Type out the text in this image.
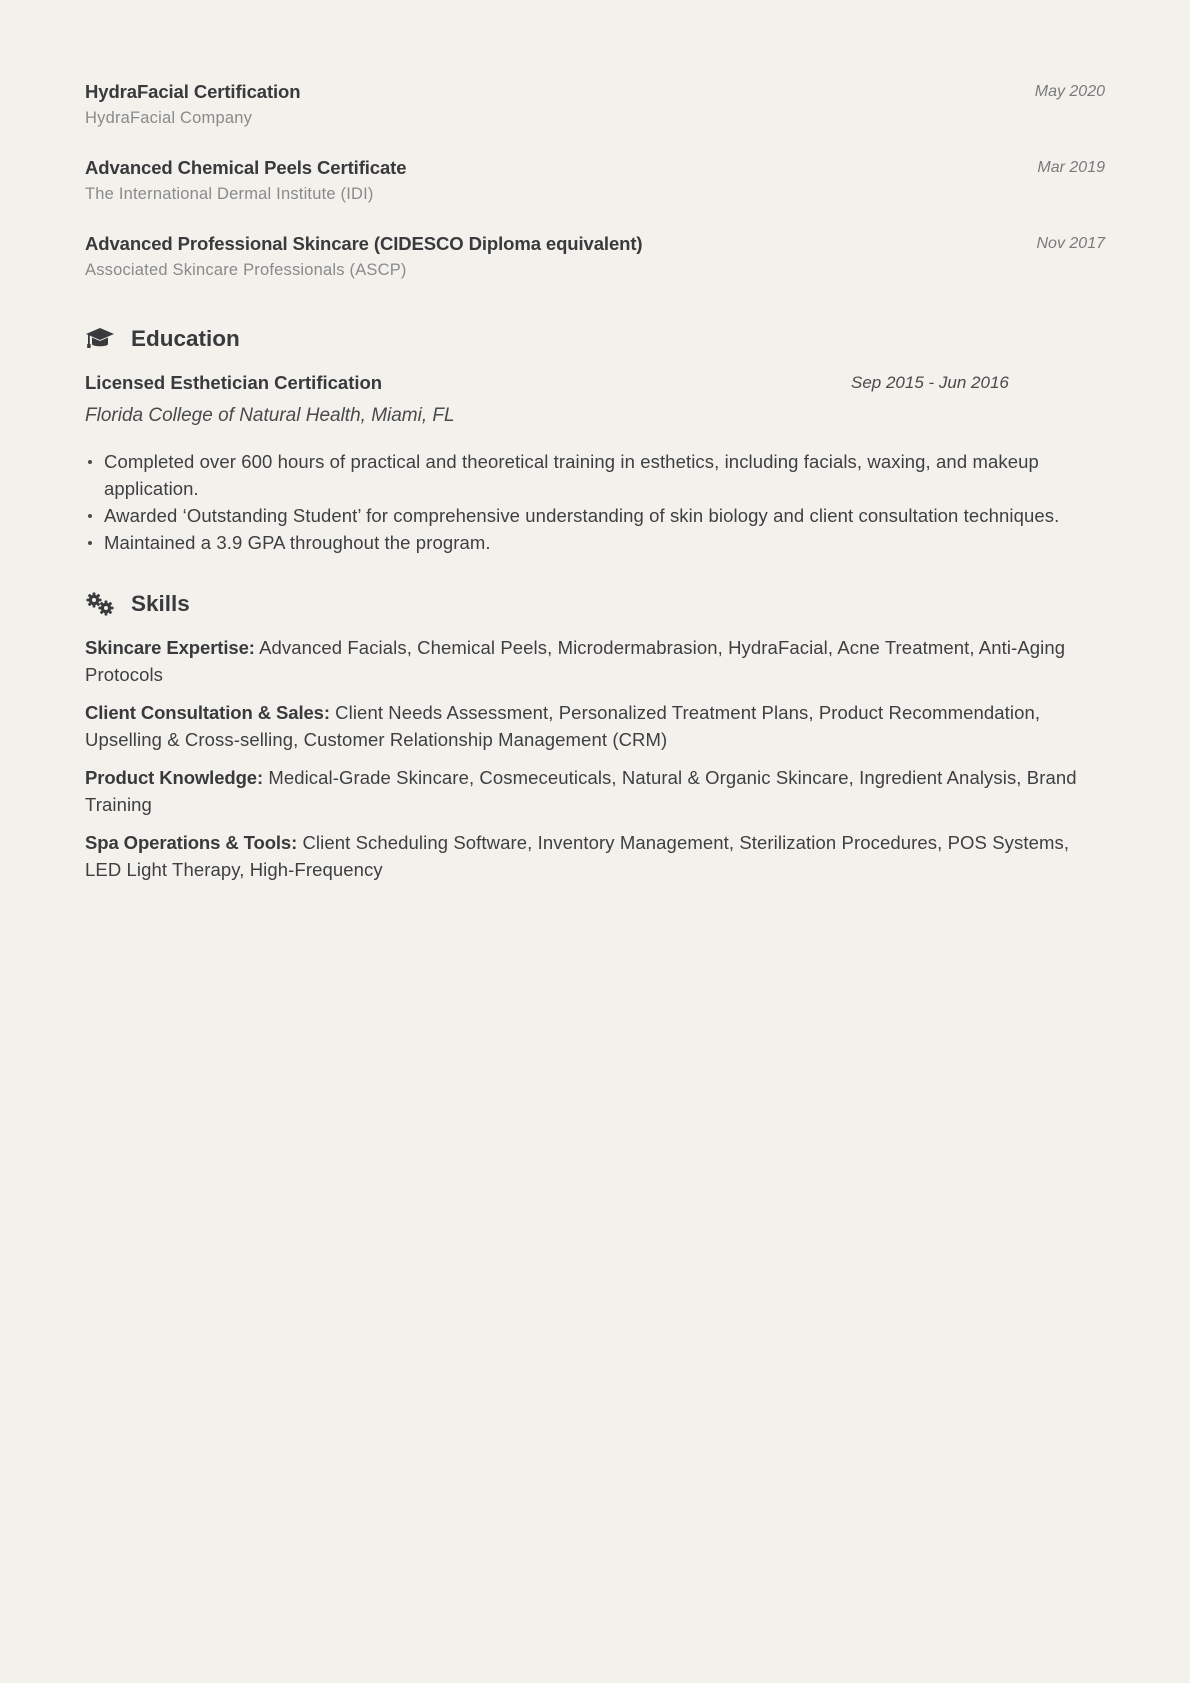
HydraFacial Certification
HydraFacial Company
May 2020
Advanced Chemical Peels Certificate
The International Dermal Institute (IDI)
Mar 2019
Advanced Professional Skincare (CIDESCO Diploma equivalent)
Associated Skincare Professionals (ASCP)
Nov 2017
Education
Licensed Esthetician Certification	Sep 2015 - Jun 2016
Florida College of Natural Health, Miami, FL
Completed over 600 hours of practical and theoretical training in esthetics, including facials, waxing, and makeup application.
Awarded ‘Outstanding Student’ for comprehensive understanding of skin biology and client consultation techniques.
Maintained a 3.9 GPA throughout the program.
Skills
Skincare Expertise: Advanced Facials, Chemical Peels, Microdermabrasion, HydraFacial, Acne Treatment, Anti-Aging Protocols
Client Consultation & Sales: Client Needs Assessment, Personalized Treatment Plans, Product Recommendation, Upselling & Cross-selling, Customer Relationship Management (CRM)
Product Knowledge: Medical-Grade Skincare, Cosmeceuticals, Natural & Organic Skincare, Ingredient Analysis, Brand Training
Spa Operations & Tools: Client Scheduling Software, Inventory Management, Sterilization Procedures, POS Systems, LED Light Therapy, High-Frequency
